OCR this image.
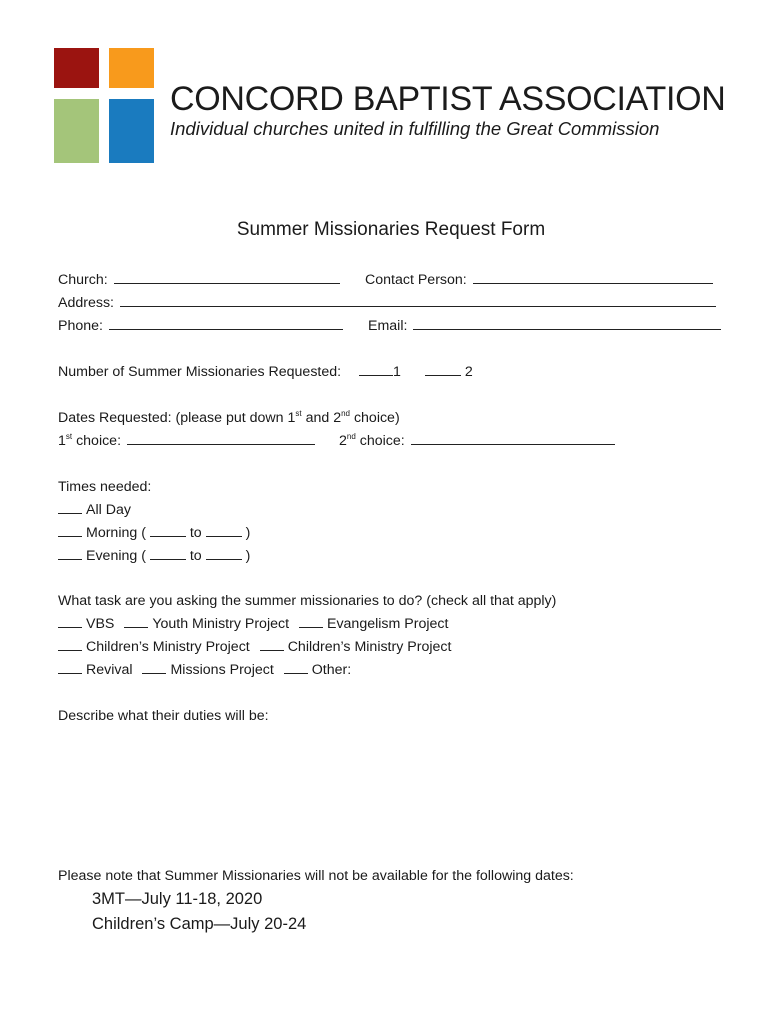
CONCORD BAPTIST ASSOCIATION
Individual churches united in fulfilling the Great Commission
Summer Missionaries Request Form
Church:	Contact Person:
Address:
Phone:	Email:
Number of Summer Missionaries Requested:	1	2
Dates Requested: (please put down 1st and 2nd choice)
1st choice:	2nd choice:
Times needed:
All Day
Morning (	to	)
Evening (	to	)
What task are you asking the summer missionaries to do? (check all that apply)
VBS	Youth Ministry Project	Evangelism Project
Children’s Ministry Project	Children’s Ministry Project
Revival	Missions Project	Other:
Describe what their duties will be:
Please note that Summer Missionaries will not be available for the following dates:
3MT—July 11-18, 2020
Children’s Camp—July 20-24
